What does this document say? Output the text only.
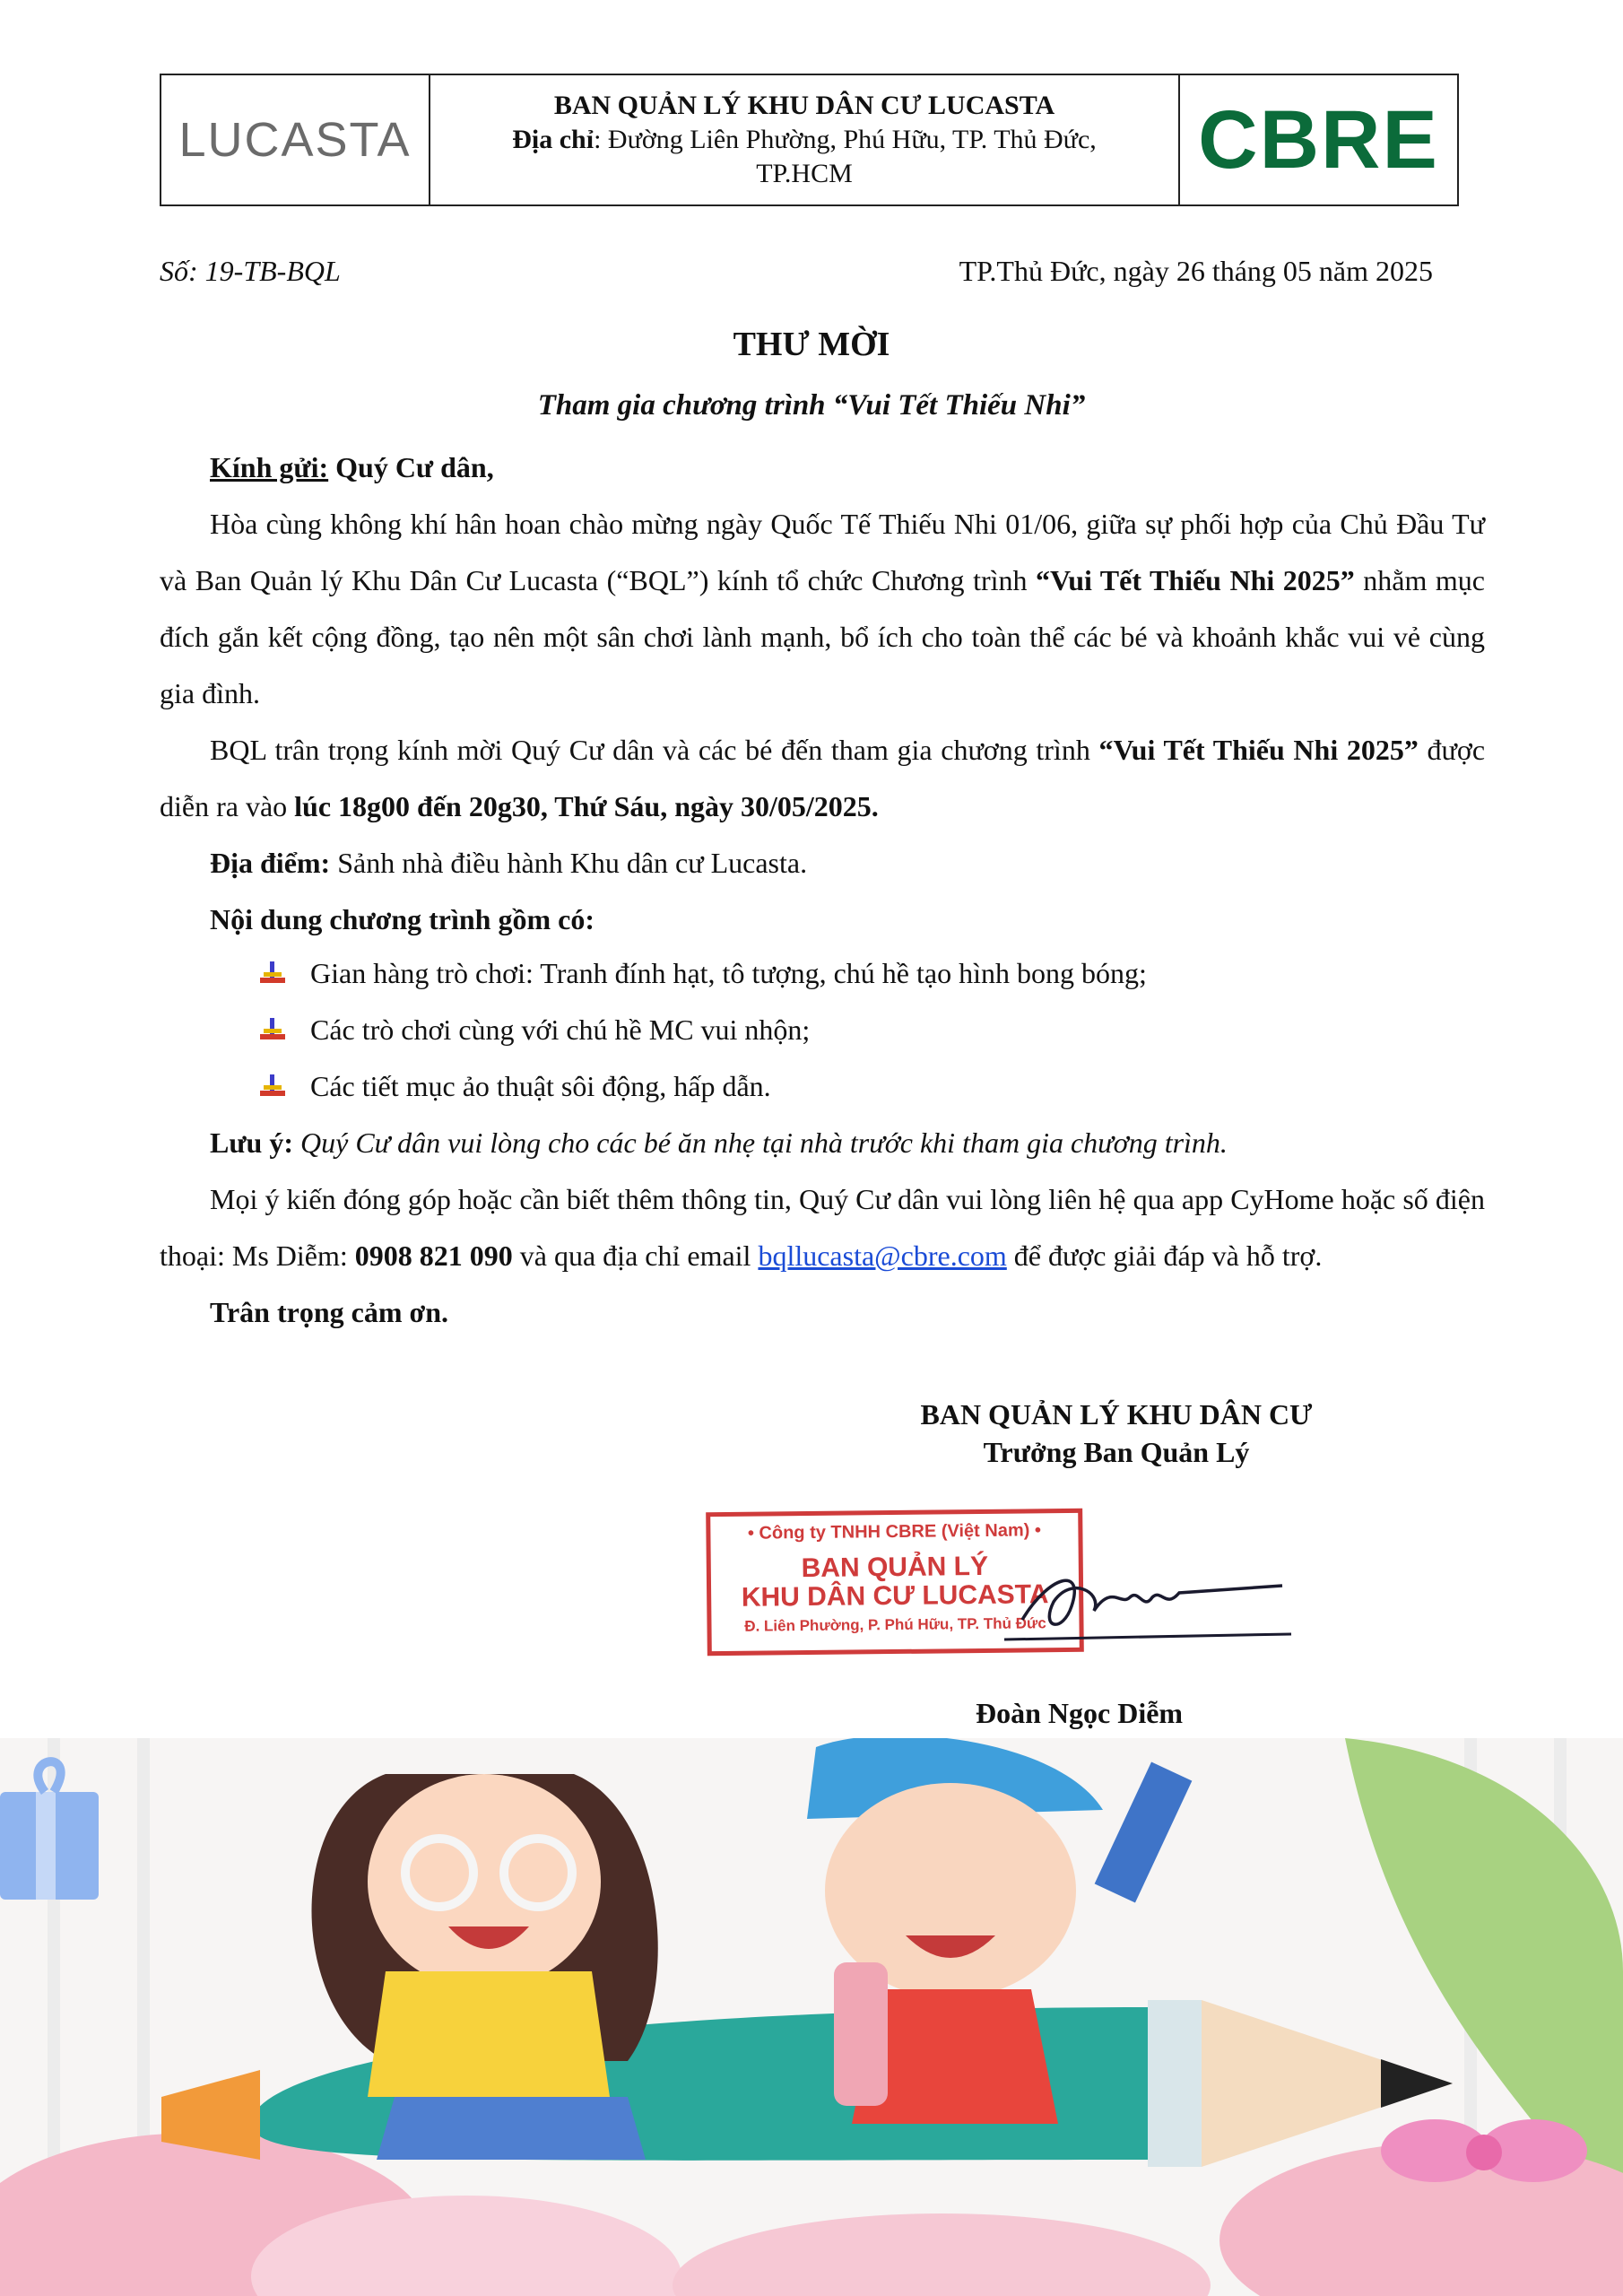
LUCASTA
BAN QUẢN LÝ KHU DÂN CƯ LUCASTA
Địa chỉ: Đường Liên Phường, Phú Hữu, TP. Thủ Đức,
TP.HCM	CBRE
Số: 19-TB-BQL	TP.Thủ Đức, ngày 26 tháng 05 năm 2025
THƯ MỜI
Tham gia chương trình “Vui Tết Thiếu Nhi”
Kính gửi: Quý Cư dân,
Hòa cùng không khí hân hoan chào mừng ngày Quốc Tế Thiếu Nhi 01/06, giữa sự phối hợp của Chủ Đầu Tư và Ban Quản lý Khu Dân Cư Lucasta (“BQL”) kính tổ chức Chương trình “Vui Tết Thiếu Nhi 2025” nhằm mục đích gắn kết cộng đồng, tạo nên một sân chơi lành mạnh, bổ ích cho toàn thể các bé và khoảnh khắc vui vẻ cùng gia đình.
BQL trân trọng kính mời Quý Cư dân và các bé đến tham gia chương trình “Vui Tết Thiếu Nhi 2025” được diễn ra vào lúc 18g00 đến 20g30, Thứ Sáu, ngày 30/05/2025.
Địa điểm: Sảnh nhà điều hành Khu dân cư Lucasta.
Nội dung chương trình gồm có:
Gian hàng trò chơi: Tranh đính hạt, tô tượng, chú hề tạo hình bong bóng;
Các trò chơi cùng với chú hề MC vui nhộn;
Các tiết mục ảo thuật sôi động, hấp dẫn.
Lưu ý: Quý Cư dân vui lòng cho các bé ăn nhẹ tại nhà trước khi tham gia chương trình.
Mọi ý kiến đóng góp hoặc cần biết thêm thông tin, Quý Cư dân vui lòng liên hệ qua app CyHome hoặc số điện thoại: Ms Diễm: 0908 821 090 và qua địa chỉ email bqllucasta@cbre.com để được giải đáp và hỗ trợ.
Trân trọng cảm ơn.
BAN QUẢN LÝ KHU DÂN CƯ
Trưởng Ban Quản Lý
• Công ty TNHH CBRE (Việt Nam) •
BAN QUẢN LÝ
KHU DÂN CƯ LUCASTA
Đ. Liên Phường, P. Phú Hữu, TP. Thủ Đức
Đoàn Ngọc Diễm
